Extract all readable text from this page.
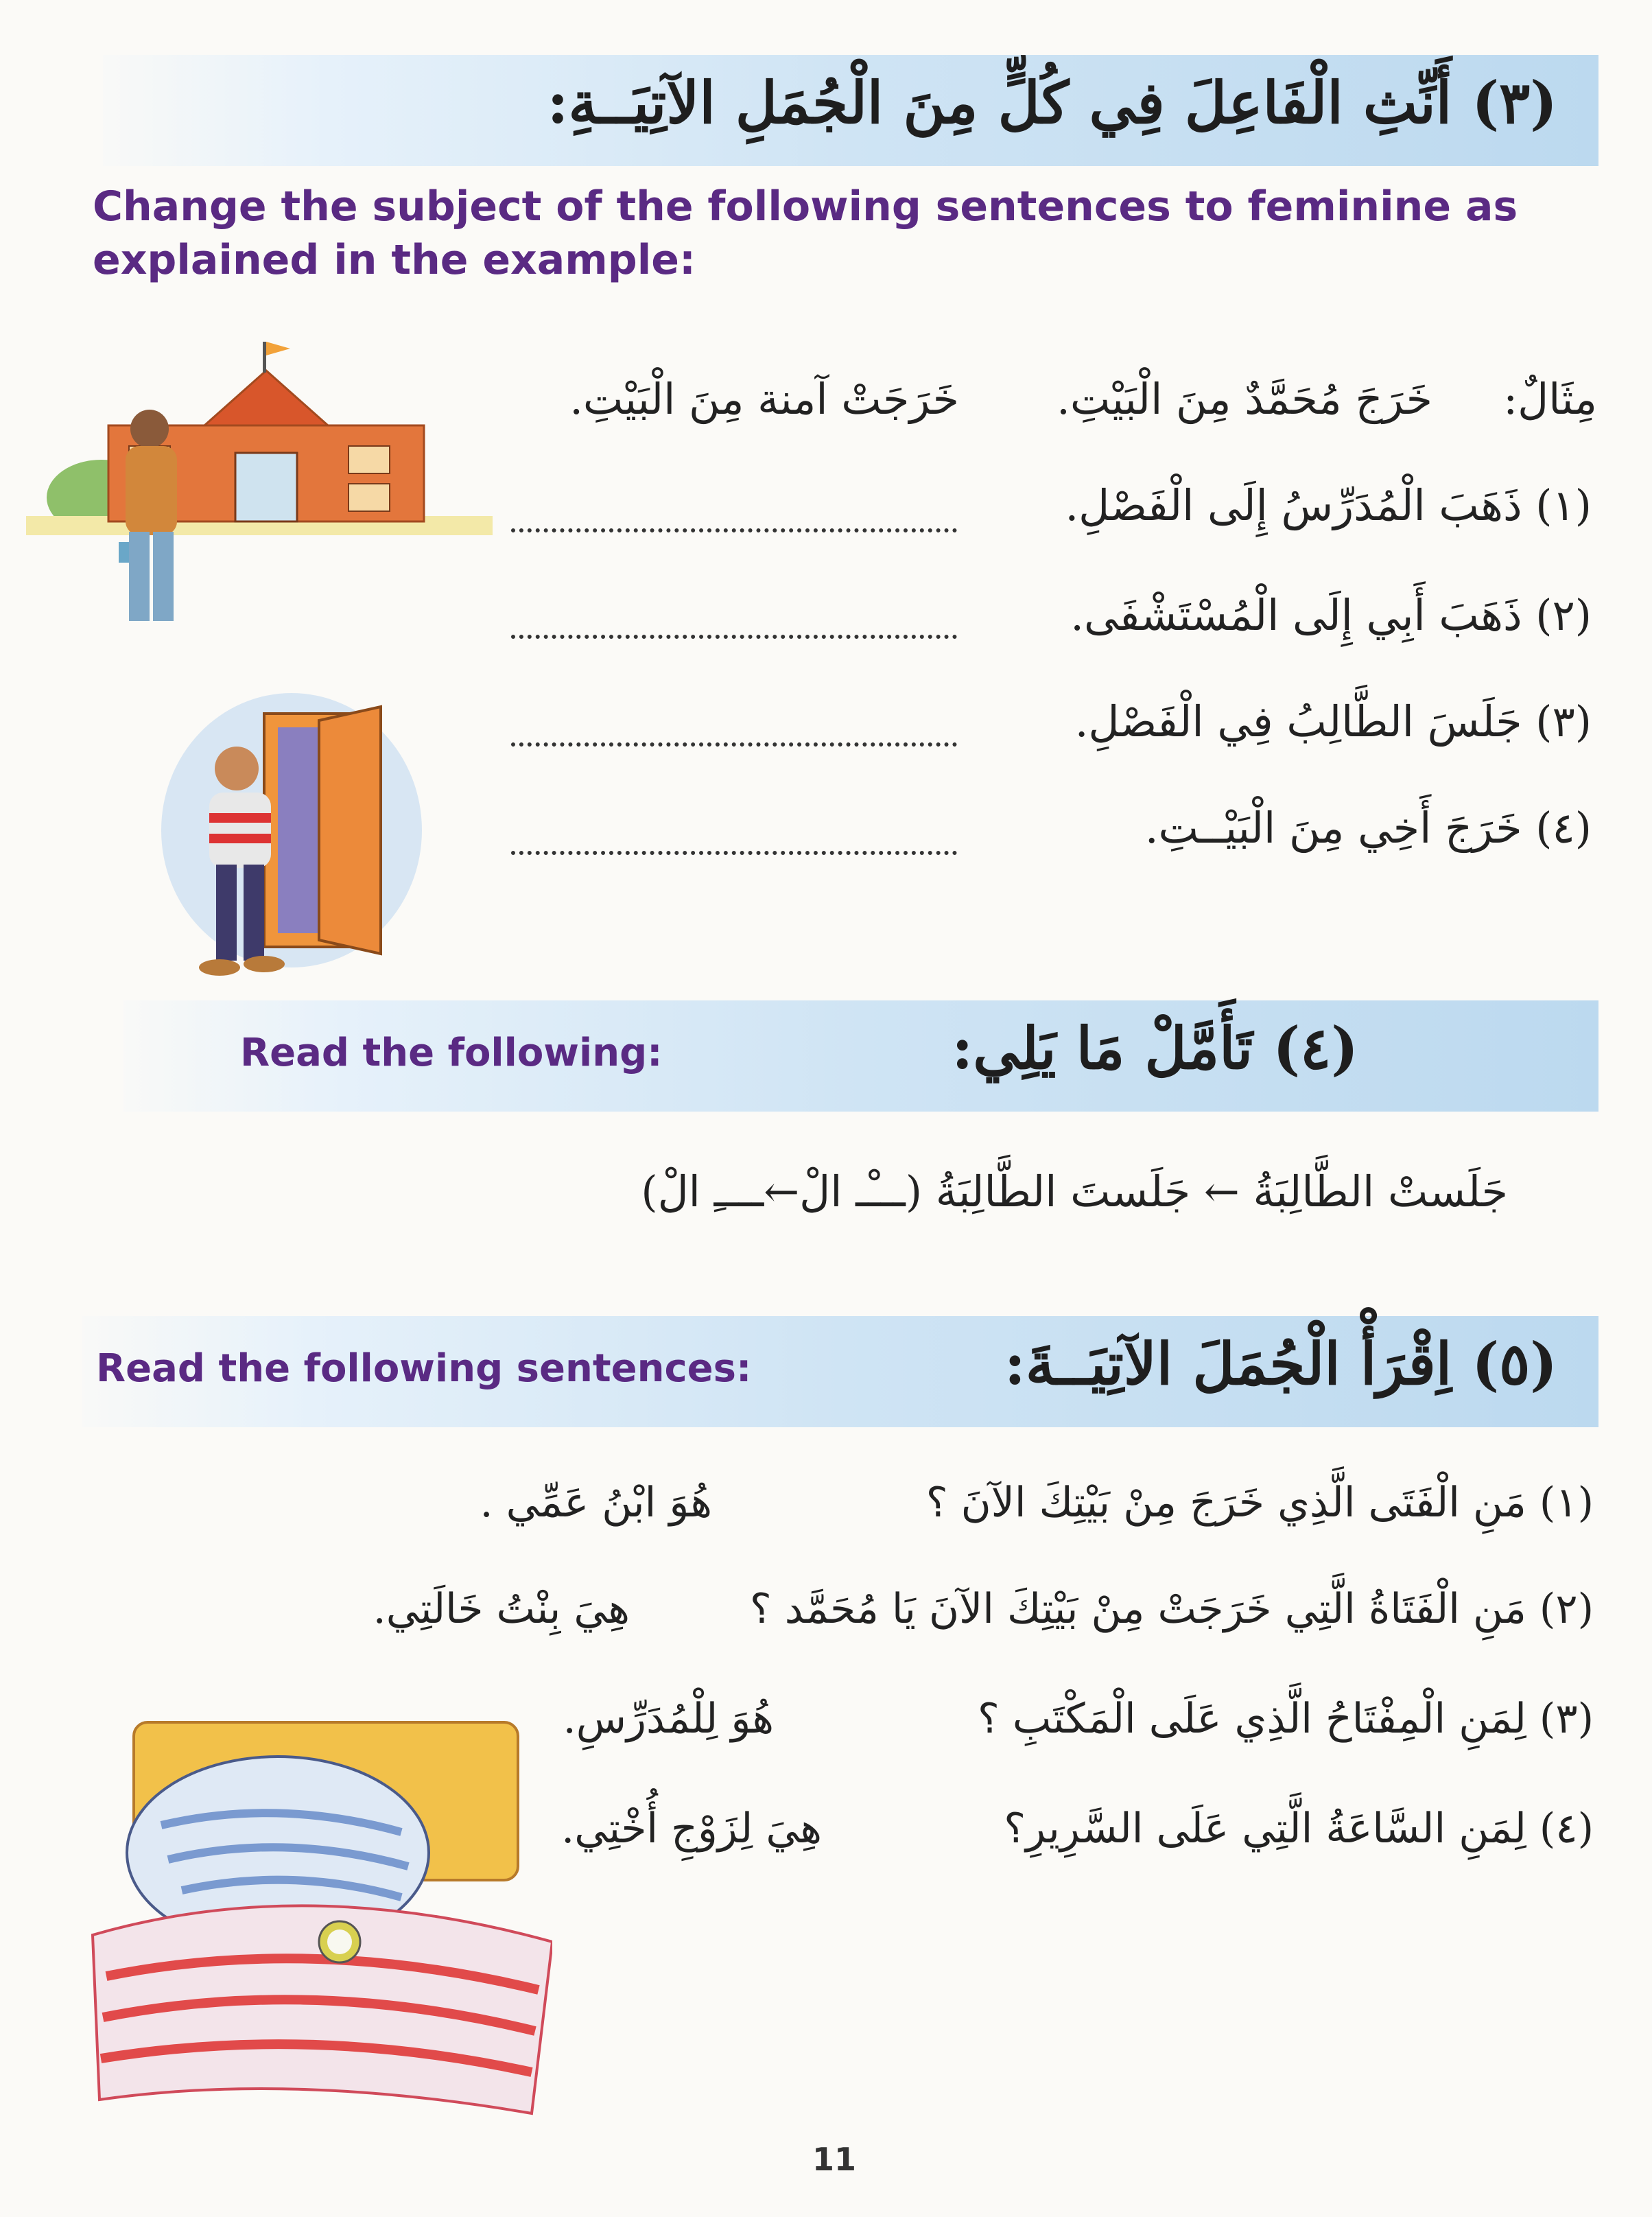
(٣) أَنِّثِ الْفَاعِلَ فِي كُلٍّ مِنَ الْجُمَلِ الآتِيَــةِ:
Change the subject of the following sentences to feminine as explained in the example:
مِثَالٌ:
خَرَجَ مُحَمَّدٌ مِنَ الْبَيْتِ.
خَرَجَتْ آمنة مِنَ الْبَيْتِ.
(١) ذَهَبَ الْمُدَرِّسُ إِلَى الْفَصْلِ.
(٢) ذَهَبَ أَبِي إِلَى الْمُسْتَشْفَى.
(٣) جَلَسَ الطَّالِبُ فِي الْفَصْلِ.
(٤) خَرَجَ أَخِي مِنَ الْبَيْــتِ.
(٤) تَأَمَّلْ مَا يَلِي:
Read the following:
جَلَستْ الطَّالِبَةُ ← جَلَستَ الطَّالِبَةُ (ـــْـ الْ←ــــِ الْ)
(٥) اِقْرَأْ الْجُمَلَ الآتِيَــةَ:
Read the following sentences:
(١) مَنِ الْفَتَى الَّذِي خَرَجَ مِنْ بَيْتِكَ الآنَ ؟
هُوَ ابْنُ عَمِّي .
(٢) مَنِ الْفَتَاةُ الَّتِي خَرَجَتْ مِنْ بَيْتِكَ الآنَ يَا مُحَمَّد ؟
هِيَ بِنْتُ خَالَتِي.
(٣) لِمَنِ الْمِفْتَاحُ الَّذِي عَلَى الْمَكْتَبِ ؟
هُوَ لِلْمُدَرِّسِ.
(٤) لِمَنِ السَّاعَةُ الَّتِي عَلَى السَّرِيرِ؟
هِيَ لِزَوْجِ أُخْتِي.
11
